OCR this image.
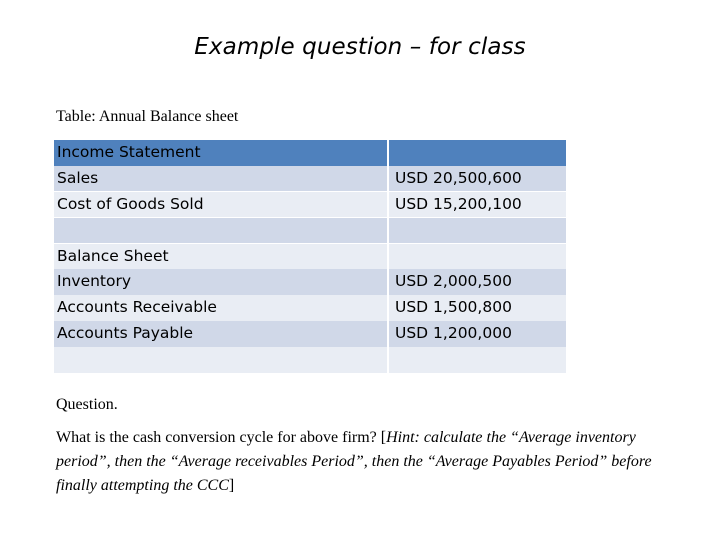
Example question – for class
Table: Annual Balance sheet
Income Statement
Sales	USD 20,500,600
Cost of Goods Sold	USD 15,200,100
Balance Sheet
Inventory	USD 2,000,500
Accounts Receivable	USD 1,500,800
Accounts Payable	USD 1,200,000
Question.
What is the cash conversion cycle for above firm? [Hint: calculate the “Average inventory period”, then the “Average receivables Period”, then the “Average Payables Period” before finally attempting the CCC]
